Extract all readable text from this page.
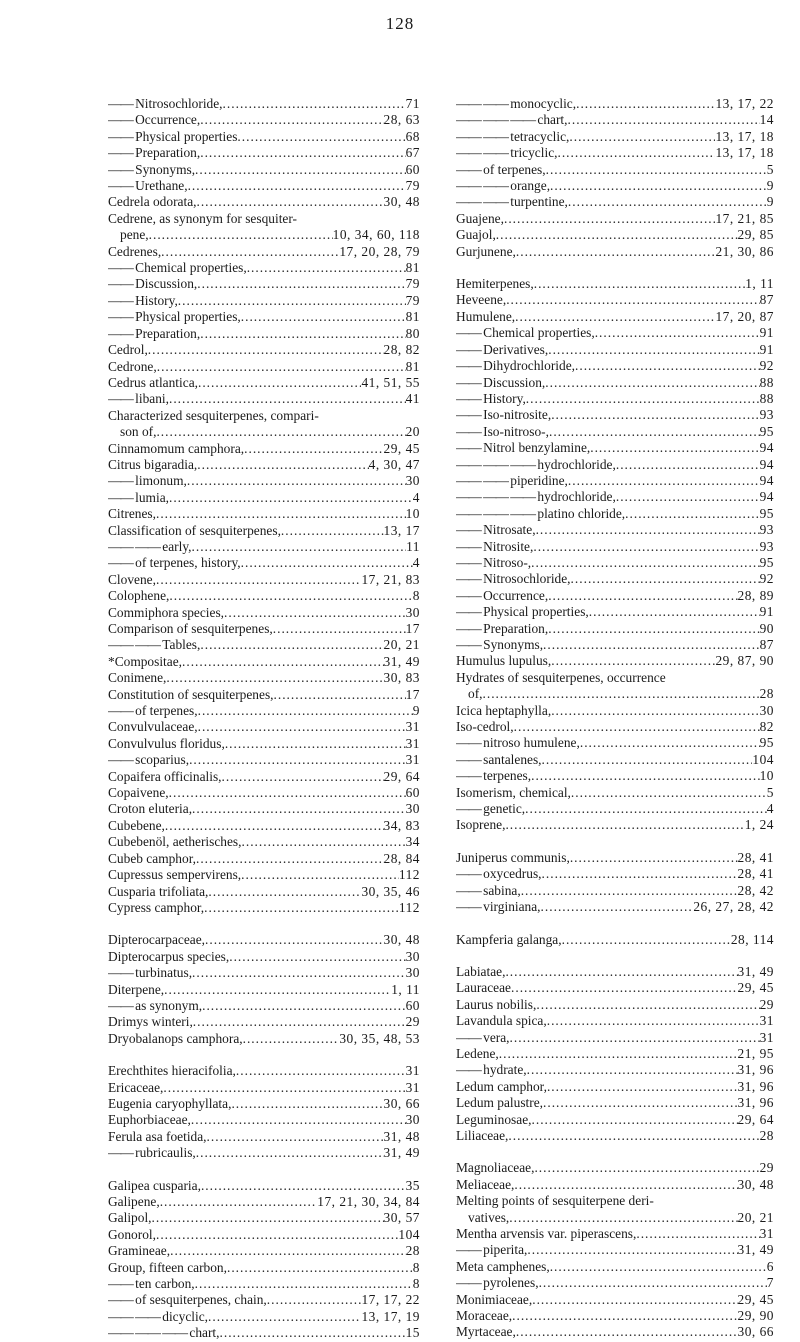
128
—— Nitrosochloride, .....	71
—— Occurrence, .....	28, 63
—— Physical properties .....	68
—— Preparation, .....	67
—— Synonyms, .....	60
—— Urethane, .....	79
Cedrela odorata, .....	30, 48
Cedrene, as synonym for sesquiter-
pene, .....	10, 34, 60, 118
Cedrenes, .....	17, 20, 28, 79
—— Chemical properties, .....	81
—— Discussion, .....	79
—— History, .....	79
—— Physical properties, .....	81
—— Preparation, .....	80
Cedrol, .....	28, 82
Cedrone, .....	81
Cedrus atlantica, .....	41, 51, 55
—— libani, .....	41
Characterized sesquiterpenes, compari-
son of, .....	20
Cinnamomum camphora, .....	29, 45
Citrus bigaradia, .....	4, 30, 47
—— limonum, .....	30
—— lumia, .....	4
Citrenes, .....	10
Classification of sesquiterpenes, .....	13, 17
—— —— early, .....	11
—— of terpenes, history, .....	4
Clovene, .....	17, 21, 83
Colophene, .....	8
Commiphora species, .....	30
Comparison of sesquiterpenes, .....	17
—— —— Tables, .....	20, 21
*Compositae, .....	31, 49
Conimene, .....	30, 83
Constitution of sesquiterpenes, .....	17
—— of terpenes, .....	9
Convulvulaceae, .....	31
Convulvulus floridus, .....	31
—— scoparius, .....	31
Copaifera officinalis, .....	29, 64
Copaivene, .....	60
Croton eluteria, .....	30
Cubebene, .....	34, 83
Cubebenöl, aetherisches, .....	34
Cubeb camphor, .....	28, 84
Cupressus sempervirens, .....	112
Cusparia trifoliata, .....	30, 35, 46
Cypress camphor, .....	112
Dipterocarpaceae, .....	30, 48
Dipterocarpus species, .....	30
—— turbinatus, .....	30
Diterpene, .....	1, 11
—— as synonym, .....	60
Drimys winteri, .....	29
Dryobalanops camphora, .....	30, 35, 48, 53
Erechthites hieracifolia, .....	31
Ericaceae, .....	31
Eugenia caryophyllata, .....	30, 66
Euphorbiaceae, .....	30
Ferula asa foetida, .....	31, 48
—— rubricaulis, .....	31, 49
Galipea cusparia, .....	35
Galipene, .....	17, 21, 30, 34, 84
Galipol, .....	30, 57
Gonorol, .....	104
Gramineae, .....	28
Group, fifteen carbon, .....	8
—— ten carbon, .....	8
—— of sesquiterpenes, chain, .....	17, 17, 22
—— —— dicyclic, .....	13, 17, 19
—— —— chart, .....	15
—— —— monocyclic, .....	13, 17, 22
—— —— chart, .....	14
—— —— tetracyclic, .....	13, 17, 18
—— —— tricyclic, .....	13, 17, 18
—— of terpenes, .....	5
—— —— orange, .....	9
—— —— turpentine, .....	9
Guajene, .....	17, 21, 85
Guajol, .....	29, 85
Gurjunene, .....	21, 30, 86
Hemiterpenes, .....	1, 11
Heveene, .....	87
Humulene, .....	17, 20, 87
—— Chemical properties, .....	91
—— Derivatives, .....	91
—— Dihydrochloride, .....	92
—— Discussion, .....	88
—— History, .....	88
—— Iso-nitrosite, .....	93
—— Iso-nitroso-, .....	95
—— Nitrol benzylamine, .....	94
—— —— hydrochloride, .....	94
—— —— piperidine, .....	94
—— —— hydrochloride, .....	94
—— —— platino chloride, .....	95
—— Nitrosate, .....	93
—— Nitrosite, .....	93
—— Nitroso-, .....	95
—— Nitrosochloride, .....	92
—— Occurrence, .....	28, 89
—— Physical properties, .....	91
—— Preparation, .....	90
—— Synonyms, .....	87
Humulus lupulus, .....	29, 87, 90
Hydrates of sesquiterpenes, occurrence
of, .....	28
Icica heptaphylla, .....	30
Iso-cedrol, .....	82
—— nitroso humulene, .....	95
—— santalenes, .....	104
—— terpenes, .....	10
Isomerism, chemical, .....	5
—— genetic, .....	4
Isoprene, .....	1, 24
Juniperus communis, .....	28, 41
—— oxycedrus, .....	28, 41
—— sabina, .....	28, 42
—— virginiana, .....	26, 27, 28, 42
Kampferia galanga, .....	28, 114
Labiatae, .....	31, 49
Lauraceae .....	29, 45
Laurus nobilis, .....	29
Lavandula spica, .....	31
—— vera, .....	31
Ledene, .....	21, 95
—— hydrate, .....	31, 96
Ledum camphor, .....	31, 96
Ledum palustre, .....	31, 96
Leguminosae, .....	29, 64
Liliaceae, .....	28
Magnoliaceae, .....	29
Meliaceae, .....	30, 48
Melting points of sesquiterpene deri-
vatives, .....	20, 21
Mentha arvensis var. piperascens, .....	31
—— piperita, .....	31, 49
Meta camphenes, .....	6
—— pyrolenes, .....	7
Monimiaceae, .....	29, 45
Moraceae, .....	29, 90
Myrtaceae, .....	30, 66
